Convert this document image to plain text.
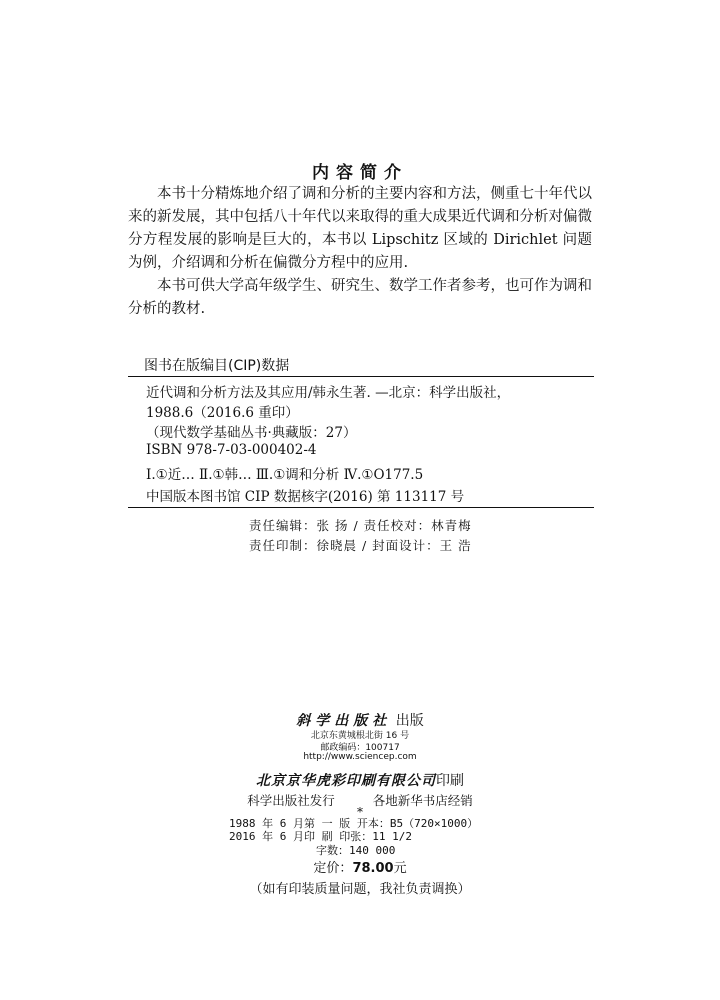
内容简介
本书十分精炼地介绍了调和分析的主要内容和方法，侧重七十年代以来的新发展，其中包括八十年代以来取得的重大成果近代调和分析对偏微分方程发展的影响是巨大的，本书以 Lipschitz 区域的 Dirichlet 问题为例，介绍调和分析在偏微分方程中的应用.
本书可供大学高年级学生、研究生、数学工作者参考，也可作为调和分析的教材.
图书在版编目(CIP)数据
近代调和分析方法及其应用/韩永生著. —北京：科学出版社，
1988.6（2016.6 重印）
（现代数学基础丛书·典藏版：27）
ISBN 978-7-03-000402-4
Ⅰ.①近… Ⅱ.①韩… Ⅲ.①调和分析 Ⅳ.①O177.5
中国版本图书馆 CIP 数据核字(2016) 第 113117 号
责任编辑：张 扬 / 责任校对：林青梅
责任印制：徐晓晨 / 封面设计：王 浩
斜学出版社 出版
北京东黄城根北街 16 号
邮政编码：100717
http://www.sciencep.com
北京京华虎彩印刷有限公司印刷
科学出版社发行	各地新华书店经销
*
1988 年 6 月第 一 版 开本：B5（720×1000）
2016 年 6 月印 刷 印张：11 1/2
字数：140 000
定价：78.00元
（如有印装质量问题，我社负责调换）
